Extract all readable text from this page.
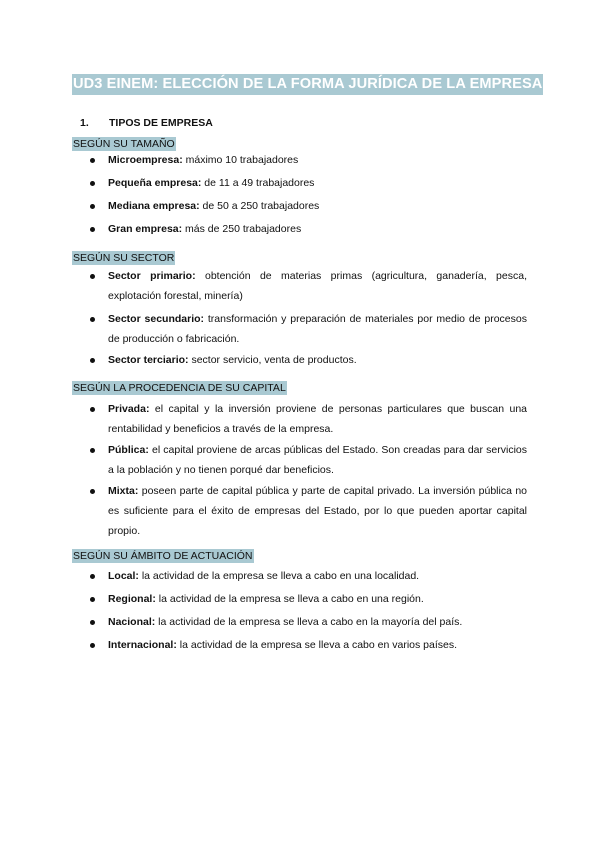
UD3 EINEM: ELECCIÓN DE LA FORMA JURÍDICA DE LA EMPRESA
1. TIPOS DE EMPRESA
SEGÚN SU TAMAÑO
Microempresa: máximo 10 trabajadores
Pequeña empresa: de 11 a 49 trabajadores
Mediana empresa: de 50 a 250 trabajadores
Gran empresa: más de 250 trabajadores
SEGÚN SU SECTOR
Sector primario: obtención de materias primas (agricultura, ganadería, pesca, explotación forestal, minería)
Sector secundario: transformación y preparación de materiales por medio de procesos de producción o fabricación.
Sector terciario: sector servicio, venta de productos.
SEGÚN LA PROCEDENCIA DE SU CAPITAL
Privada: el capital y la inversión proviene de personas particulares que buscan una rentabilidad y beneficios a través de la empresa.
Pública: el capital proviene de arcas públicas del Estado. Son creadas para dar servicios a la población y no tienen porqué dar beneficios.
Mixta: poseen parte de capital pública y parte de capital privado. La inversión pública no es suficiente para el éxito de empresas del Estado, por lo que pueden aportar capital propio.
SEGÚN SU ÁMBITO DE ACTUACIÓN
Local: la actividad de la empresa se lleva a cabo en una localidad.
Regional: la actividad de la empresa se lleva a cabo en una región.
Nacional: la actividad de la empresa se lleva a cabo en la mayoría del país.
Internacional: la actividad de la empresa se lleva a cabo en varios países.
